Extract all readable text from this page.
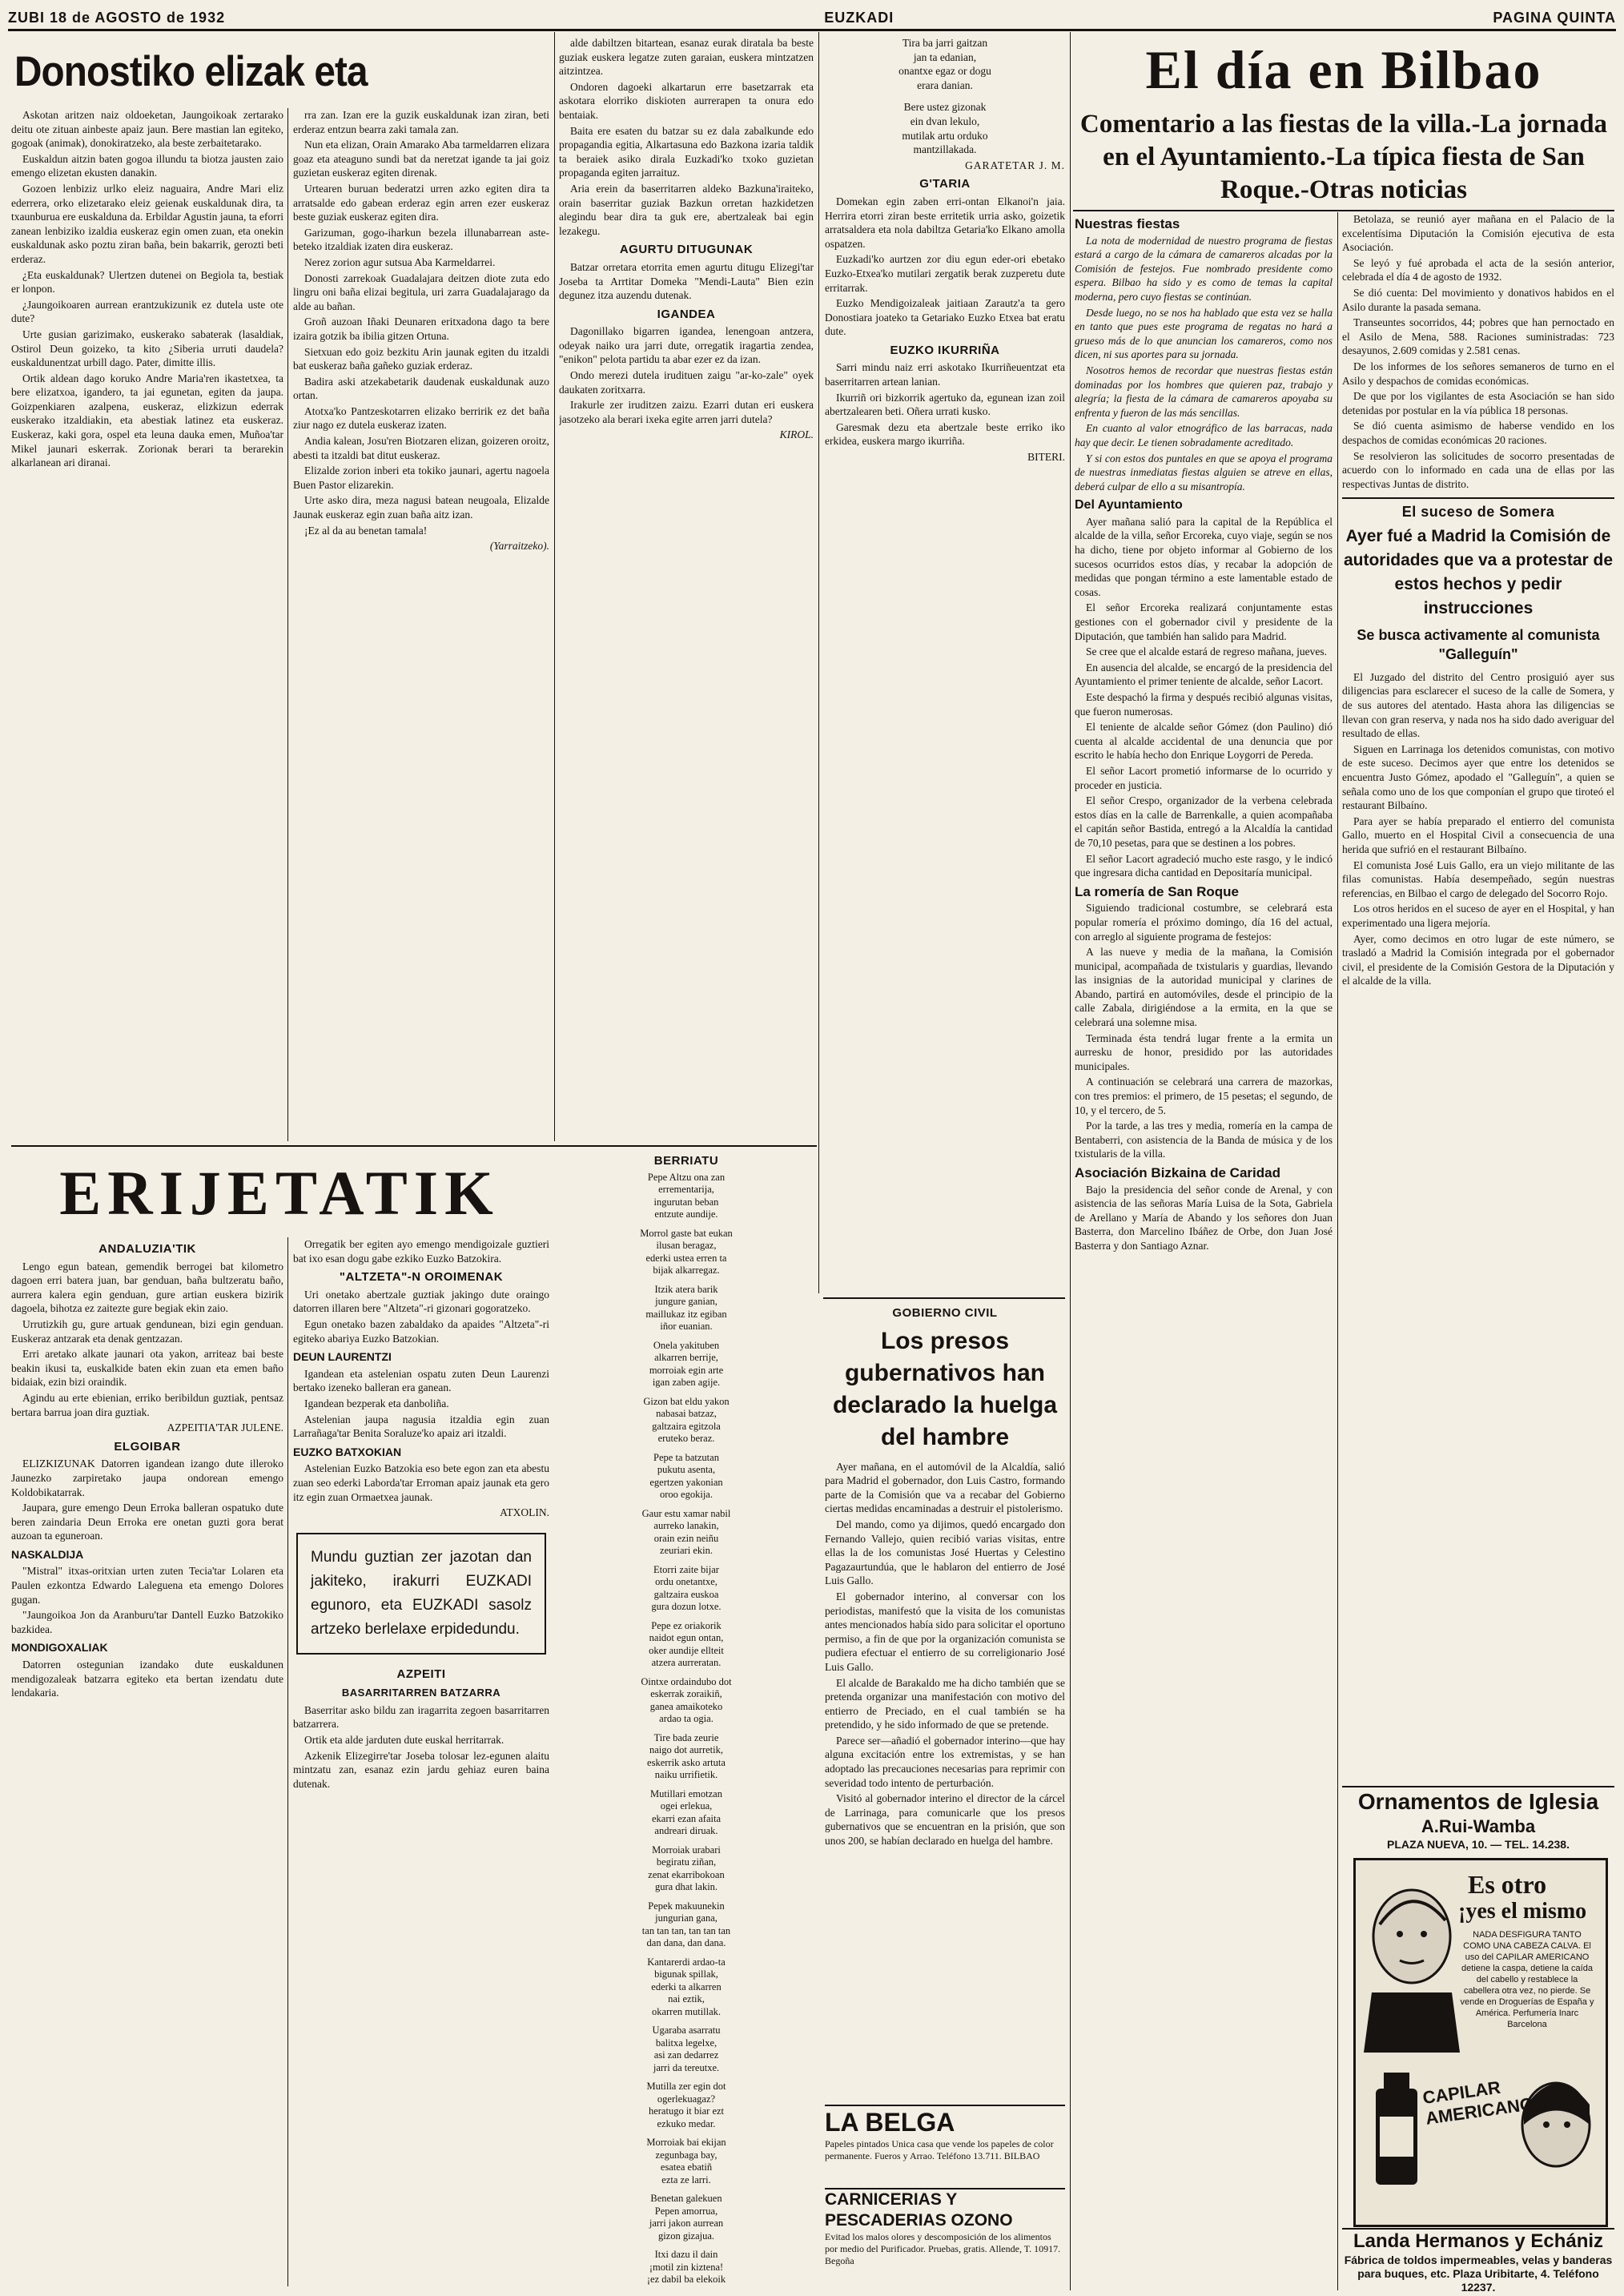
ZUBI 18 de AGOSTO de 1932	EUZKADI	PAGINA QUINTA
Donostiko elizak eta

Askotan aritzen naiz oldoeketan, Jaungoikoak zertarako deitu ote zituan ainbeste apaiz jaun. Bere mastian lan egiteko, gogoak (animak), donokiratzeko, ala beste zerbaitetarako.

Euskaldun aitzin baten gogoa illundu ta biotza jausten zaio emengo elizetan ekusten danakin.

Gozoen lenbiziz urlko eleiz naguaira, Andre Mari eliz ederrera, orko elizetarako eleiz geienak euskaldunak dira, ta txaunburua ere euskalduna da. Erbildar Agustin jauna, ta eforri zanean lenbiziko izaldia euskeraz egin omen zuan, eta onekin euskaldunak asko poztu ziran baña, bein bakarrik, gerozti beti erderaz.

¿Eta euskaldunak? Ulertzen dutenei on Begiola ta, bestiak er lonpon.

¿Jaungoikoaren aurrean erantzukizunik ez dutela uste ote dute?

Urte gusian garizimako, euskerako sabaterak (lasaldiak, Ostirol Deun goizeko, ta kito ¿Siberia urruti daudela? euskaldunentzat urbill dago. Pater, dimitte illis.

Ortik aldean dago koruko Andre Maria'ren ikastetxea, ta bere elizatxoa, igandero, ta jai egunetan, egiten da jaupa. Goizpenkiaren azalpena, euskeraz, elizkizun ederrak euskerako itzaldiakin, eta abestiak latinez eta euskeraz. Euskeraz, kaki gora, ospel eta leuna dauka emen, Muñoa'tar Mikel jaunari eskerrak. Zorionak berari ta berarekin alkarlanean ari diranai.

rra zan. Izan ere la guzik euskaldunak izan ziran, beti erderaz entzun bearra zaki tamala zan.

Nun eta elizan, Orain Amarako Aba tarmeldarren elizara goaz eta ateaguno sundi bat da neretzat igande ta jai goiz guzietan euskeraz egiten direnak.

Urtearen buruan bederatzi urren azko egiten dira ta arratsalde edo gabean erderaz egin arren ezer euskeraz beste guziak euskeraz egiten dira.

Garizuman, gogo-iharkun bezela illunabarrean aste-beteko itzaldiak izaten dira euskeraz.

Nerez zorion agur sutsua Aba Karmeldarrei.

Donosti zarrekoak Guadalajara deitzen diote zuta edo lingru oni baña elizai begitula, uri zarra Guadalajarago da alde au bañan.

Groñ auzoan Iñaki Deunaren eritxadona dago ta bere izaira gotzik ba ibilia gitzen Ortuna.

Sietxuan edo goiz bezkitu Arin jaunak egiten du itzaldi bat euskeraz baña gañeko guziak erderaz.

Badira aski atzekabetarik daudenak euskaldunak auzo ortan.

Atotxa'ko Pantzeskotarren elizako berririk ez det baña ziur nago ez dutela euskeraz izaten.

Andia kalean, Josu'ren Biotzaren elizan, goizeren oroitz, abesti ta itzaldi bat ditut euskeraz.

Elizalde zorion inberi eta tokiko jaunari, agertu nagoela Buen Pastor elizarekin.

Urte asko dira, meza nagusi batean neugoala, Elizalde Jaunak euskeraz egin zuan baña aitz izan.

¡Ez al da au benetan tamala!

(Yarraitzeko).

alde dabiltzen bitartean, esanaz eurak diratala ba beste guziak euskera legatze zuten garaian, euskera mintzatzen aitzintzea.

Ondoren dagoeki alkartarun erre basetzarrak eta askotara elorriko diskioten aurrerapen ta onura edo bentaiak.

Baita ere esaten du batzar su ez dala zabalkunde edo propagandia egitia, Alkartasuna edo Bazkona izaria taldik ta beraiek asiko dirala Euzkadi'ko txoko guzietan propaganda egiten jarraituz.

Aria erein da baserritarren aldeko Bazkuna'iraiteko, orain baserritar guziak Bazkun orretan hazkidetzen alegindu bear dira ta guk ere, abertzaleak bai egin lezakegu.

AGURTU DITUGUNAK

Batzar orretara etorrita emen agurtu ditugu Elizegi'tar Joseba ta Arrtitar Domeka "Mendi-Lauta" Bien ezin degunez itza auzendu dutenak.

IGANDEA

Dagonillako bigarren igandea, lenengoan antzera, odeyak naiko ura jarri dute, orregatik iragartia zendea, "enikon" pelota partidu ta abar ezer ez da izan.

Ondo merezi dutela irudituen zaigu "ar-ko-zale" oyek daukaten zoritxarra.

Irakurle zer iruditzen zaizu. Ezarri dutan eri euskera jasotzeko ala berari ixeka egite arren jarri dutela?

KIROL.
Tira ba jarri gaitzan
jan ta edanian,
onantxe egaz or dogu
erara danian.
Bere ustez gizonak
ein dvan lekulo,
mutilak artu orduko
mantzillakada.
GARATETAR J. M.
G'TARIA

Domekan egin zaben erri-ontan Elkanoi'n jaia. Herrira etorri ziran beste erritetik urria asko, goizetik arratsaldera eta nola dabiltza Getaria'ko Elkano amolla ospatzen.

Euzkadi'ko aurtzen zor diu egun eder-ori ebetako Euzko-Etxea'ko mutilari zergatik berak zuzperetu dute erritarrak.

Euzko Mendigoizaleak jaitiaan Zarautz'a ta gero Donostiara joateko ta Getariako Euzko Etxea bat eratu dute.

EUZKO IKURRIÑA

Sarri mindu naiz erri askotako Ikurriñeuentzat eta baserritarren artean lanian.

Ikurriñ ori bizkorrik agertuko da, egunean izan zoil abertzalearen beti. Oñera urrati kusko.

Garesmak dezu eta abertzale beste erriko iko erkidea, euskera margo ikurriña.

BITERI.
ERIJETATIK
ANDALUZIA'TIK

Lengo egun batean, gemendik berrogei bat kilometro dagoen erri batera juan, bar genduan, baña bultzeratu baño, aurrera kalera egin genduan, gure artian euskera bizirik dagoela, bihotza ez zaitezte gure begiak ekin zaio.

Urrutizkih gu, gure artuak gendunean, bizi egin genduan. Euskeraz antzarak eta denak gentzazan.

Erri aretako alkate jaunari ota yakon, arriteaz bai beste beakin ikusi ta, euskalkide baten ekin zuan eta emen baño bidaiak, ezin bizi oraindik.

Agindu au erte ebienian, erriko beribildun guztiak, pentsaz bertara barrua joan dira guztiak.

AZPEITIA'TAR JULENE.
ELGOIBAR

ELIZKIZUNAK Datorren igandean izango dute illeroko Jaunezko zarpiretako jaupa ondorean emengo Koldobikatarrak.

Jaupara, gure emengo Deun Erroka balleran ospatuko dute beren zaindaria Deun Erroka ere onetan guzti gora berat auzoan ta eguneroan.

NASKALDIJA

"Mistral" itxas-oritxian urten zuten Tecia'tar Lolaren eta Paulen ezkontza Edwardo Laleguena eta emengo Dolores gugan.

"Jaungoikoa Jon da Aranburu'tar Dantell Euzko Batzokiko bazkidea.

MONDIGOXALIAK

Datorren ostegunian izandako dute euskaldunen mendigozaleak batzarra egiteko eta bertan izendatu dute lendakaria.

Orregatik ber egiten ayo emengo mendigoizale guztieri bat ixo esan dogu gabe ezkiko Euzko Batzokira.

"ALTZETA"-N OROIMENAK

Uri onetako abertzale guztiak jakingo dute oraingo datorren illaren bere "Altzeta"-ri gizonari gogoratzeko.

Egun onetako bazen zabaldako da apaides "Altzeta"-ri egiteko abariya Euzko Batzokian.

DEUN LAURENTZI

Igandean eta astelenian ospatu zuten Deun Laurenzi bertako izeneko balleran era ganean.

Igandean bezperak eta danboliña.

Astelenian jaupa nagusia itzaldia egin zuan Larrañaga'tar Benita Soraluze'ko apaiz ari itzaldi.

EUZKO BATXOKIAN

Astelenian Euzko Batzokia eso bete egon zan eta abestu zuan seo ederki Laborda'tar Erroman apaiz jaunak eta gero itz egin zuan Ormaetxea jaunak.

ATXOLIN.
Mundu guztian zer jazotan dan jakiteko, irakurri EUZKADI egunoro, eta EUZKADI sasolz artzeko berlelaxe erpidedundu.
AZPEITI
BASARRITARREN BATZARRA

Baserritar asko bildu zan iragarrita zegoen basarritarren batzarrera.

Ortik eta alde jarduten dute euskal herritarrak.

Azkenik Elizegirre'tar Joseba tolosar lez-egunen alaitu mintzatu zan, esanaz ezin jardu gehiaz euren baina dutenak.

BERRIATU
Pepe Altzu ona zan
errementarija,
ingurutan beban
entzute aundije.
Morrol gaste bat eukan
ilusan beragaz,
ederki ustea erren ta
bijak alkarregaz.
Itzik atera barik
jungure ganian,
maillukaz itz egiban
iñor euanian.
Onela yakituben
alkarren berrije,
morroiak egin arte
igan zaben agije.
Gizon bat eldu yakon
nabasai batzaz,
galtzaira egitzola
eruteko beraz.
Pepe ta batzutan
pukutu asenta,
egertzen yakonian
oroo egokija.
Gaur estu xamar nabil
aurreko lanakin,
orain ezin neiñu
zeuriari ekin.
Etorri zaite bijar
ordu onetantxe,
galtzaira euskoa
gura dozun lotxe.
Pepe ez oriakorik
naidot egun ontan,
oker aundije ellteit
atzera aurreratan.
Ointxe ordaindubo dot
eskerrak zoraikiñ,
ganea amaikoteko
ardao ta ogia.
Tire bada zeurie
naigo dot aurretik,
eskerrik asko artuta
naiku urrifietik.
Mutillari emotzan
ogei erlekua,
ekarri ezan afaita
andreari diruak.
Morroiak urabari
begiratu ziñan,
zenat ekarribokoan
gura dhat lakin.
Pepek makuunekin
jungurian gana,
tan tan tan, tan tan tan
dan dana, dan dana.
Kantarerdi ardao-ta
bigunak spillak,
ederki ta alkarren
nai eztik,
okarren mutillak.
Ugaraba asarratu
balitxa legelxe,
asi zan dedarrez
jarri da tereutxe.
Mutilla zer egin dot
ogerlekuagaz?
heratugo it biar ezt
ezkuko medar.
Morroiak bai ekijan
zegunbaga bay,
esatea ebatiñ
ezta ze larri.
Benetan galekuen
Pepen amorrua,
jarri jakon aurrean
gizon gizajua.
Itxi dazu il dain
¡motil zin kiztena!
¡ez dabil ba elekoik
GOBIERNO CIVIL
Los presos gubernativos han declarado la huelga del hambre

Ayer mañana, en el automóvil de la Alcaldía, salió para Madrid el gobernador, don Luis Castro, formando parte de la Comisión que va a recabar del Gobierno ciertas medidas encaminadas a destruir el pistolerismo.

Del mando, como ya dijimos, quedó encargado don Fernando Vallejo, quien recibió varias visitas, entre ellas la de los comunistas José Huertas y Celestino Pagazaurtundúa, que le hablaron del entierro de José Luis Gallo.

El gobernador interino, al conversar con los periodistas, manifestó que la visita de los comunistas antes mencionados había sido para solicitar el oportuno permiso, a fin de que por la organización comunista se pudiera efectuar el entierro de su correligionario José Luis Gallo.

El alcalde de Barakaldo me ha dicho también que se pretenda organizar una manifestación con motivo del entierro de Preciado, en el cual también se ha pretendido, y he sido informado de que se pretende.

Parece ser—añadió el gobernador interino—que hay alguna excitación entre los extremistas, y se han adoptado las precauciones necesarias para reprimir con severidad todo intento de perturbación.

Visitó al gobernador interino el director de la cárcel de Larrinaga, para comunicarle que los presos gubernativos que se encuentran en la prisión, que son unos 200, se habían declarado en huelga del hambre.

LA BELGA
Papeles pintados Unica casa que vende los papeles de color permanente. Fueros y Arrao. Teléfono 13.711. BILBAO
CARNICERIAS Y PESCADERIAS OZONO
Evitad los malos olores y descomposición de los alimentos por medio del Purificador. Pruebas, gratis. Allende, T. 10917. Begoña
El día en Bilbao
Comentario a las fiestas de la villa.-La jornada en el Ayuntamiento.-La típica fiesta de San Roque.-Otras noticias
Nuestras fiestas

La nota de modernidad de nuestro programa de fiestas estará a cargo de la cámara de camareros alcadas por la Comisión de festejos. Fue nombrado presidente como espera. Bilbao ha sido y es como de temas la capital moderna, pero cuyo fiestas se continúan.

Desde luego, no se nos ha hablado que esta vez se halla en tanto que pues este programa de regatas no hará a grueso más de lo que anuncian los camareros, como nos dicen, ni sus aportes para su jornada.

Nosotros hemos de recordar que nuestras fiestas están dominadas por los hombres que quieren paz, trabajo y alegría; la fiesta de la cámara de camareros apoyaba su enfrenta y fueron de las más sencillas.

En cuanto al valor etnográfico de las barracas, nada hay que decir. Le tienen sobradamente acreditado.

Y si con estos dos puntales en que se apoya el programa de nuestras inmediatas fiestas alguien se atreve en ellas, deberá culpar de ello a su misantropía.

Del Ayuntamiento

Ayer mañana salió para la capital de la República el alcalde de la villa, señor Ercoreka, cuyo viaje, según se nos ha dicho, tiene por objeto informar al Gobierno de los sucesos ocurridos estos días, y recabar la adopción de medidas que pongan término a este lamentable estado de cosas.

El señor Ercoreka realizará conjuntamente estas gestiones con el gobernador civil y presidente de la Diputación, que también han salido para Madrid.

Se cree que el alcalde estará de regreso mañana, jueves.

En ausencia del alcalde, se encargó de la presidencia del Ayuntamiento el primer teniente de alcalde, señor Lacort.

Este despachó la firma y después recibió algunas visitas, que fueron numerosas.

El teniente de alcalde señor Gómez (don Paulino) dió cuenta al alcalde accidental de una denuncia que por escrito le había hecho don Enrique Loygorri de Pereda.

El señor Lacort prometió informarse de lo ocurrido y proceder en justicia.

El señor Crespo, organizador de la verbena celebrada estos días en la calle de Barrenkalle, a quien acompañaba el capitán señor Bastida, entregó a la Alcaldía la cantidad de 70,10 pesetas, para que se destinen a los pobres.

El señor Lacort agradeció mucho este rasgo, y le indicó que ingresara dicha cantidad en Depositaría municipal.

La romería de San Roque

Siguiendo tradicional costumbre, se celebrará esta popular romería el próximo domingo, día 16 del actual, con arreglo al siguiente programa de festejos:

A las nueve y media de la mañana, la Comisión municipal, acompañada de txistularis y guardias, llevando las insignias de la autoridad municipal y clarines de Abando, partirá en automóviles, desde el principio de la calle Zabala, dirigiéndose a la ermita, en la que se celebrará una solemne misa.

Terminada ésta tendrá lugar frente a la ermita un aurresku de honor, presidido por las autoridades municipales.

A continuación se celebrará una carrera de mazorkas, con tres premios: el primero, de 15 pesetas; el segundo, de 10, y el tercero, de 5.

Por la tarde, a las tres y media, romería en la campa de Bentaberri, con asistencia de la Banda de música y de los txistularis de la villa.

Asociación Bizkaina de Caridad

Bajo la presidencia del señor conde de Arenal, y con asistencia de las señoras María Luisa de la Sota, Gabriela de Arellano y María de Abando y los señores don Juan Basterra, don Marcelino Ibáñez de Orbe, don Juan José Basterra y don Santiago Aznar.

Betolaza, se reunió ayer mañana en el Palacio de la excelentísima Diputación la Comisión ejecutiva de esta Asociación.

Se leyó y fué aprobada el acta de la sesión anterior, celebrada el día 4 de agosto de 1932.

Se dió cuenta: Del movimiento y donativos habidos en el Asilo durante la pasada semana.

Transeuntes socorridos, 44; pobres que han pernoctado en el Asilo de Mena, 588. Raciones suministradas: 723 desayunos, 2.609 comidas y 2.581 cenas.

De los informes de los señores semaneros de turno en el Asilo y despachos de comidas económicas.

De que por los vigilantes de esta Asociación se han sido detenidas por postular en la vía pública 18 personas.

Se dió cuenta asimismo de haberse vendido en los despachos de comidas económicas 20 raciones.

Se resolvieron las solicitudes de socorro presentadas de acuerdo con lo informado en cada una de ellas por las respectivas Juntas de distrito.

El suceso de Somera
Ayer fué a Madrid la Comisión de autoridades que va a protestar de estos hechos y pedir instrucciones
Se busca activamente al comunista "Galleguín"

El Juzgado del distrito del Centro prosiguió ayer sus diligencias para esclarecer el suceso de la calle de Somera, y de sus autores del atentado. Hasta ahora las diligencias se llevan con gran reserva, y nada nos ha sido dado averiguar del resultado de ellas.

Siguen en Larrinaga los detenidos comunistas, con motivo de este suceso. Decimos ayer que entre los detenidos se encuentra Justo Gómez, apodado el "Galleguín", a quien se señala como uno de los que componían el grupo que tiroteó el restaurant Bilbaíno.

Para ayer se había preparado el entierro del comunista Gallo, muerto en el Hospital Civil a consecuencia de una herida que sufrió en el restaurant Bilbaíno.

El comunista José Luis Gallo, era un viejo militante de las filas comunistas. Había desempeñado, según nuestras referencias, en Bilbao el cargo de delegado del Socorro Rojo.

Los otros heridos en el suceso de ayer en el Hospital, y han experimentado una ligera mejoría.

Ayer, como decimos en otro lugar de este número, se trasladó a Madrid la Comisión integrada por el gobernador civil, el presidente de la Comisión Gestora de la Diputación y el alcalde de la villa.

Ornamentos de Iglesia
A.Rui-Wamba
PLAZA NUEVA, 10. — TEL. 14.238.
Es otro
¡yes el mismo
NADA DESFIGURA TANTO COMO UNA CABEZA CALVA. El uso del CAPILAR AMERICANO detiene la caspa, detiene la caída del cabello y restablece la cabellera otra vez, no pierde. Se vende en Droguerías de España y América. Perfumería Inarc Barcelona
CAPILAR AMERICANO
Landa Hermanos y Echániz
Fábrica de toldos impermeables, velas y banderas para buques, etc. Plaza Uribitarte, 4. Teléfono 12237.
